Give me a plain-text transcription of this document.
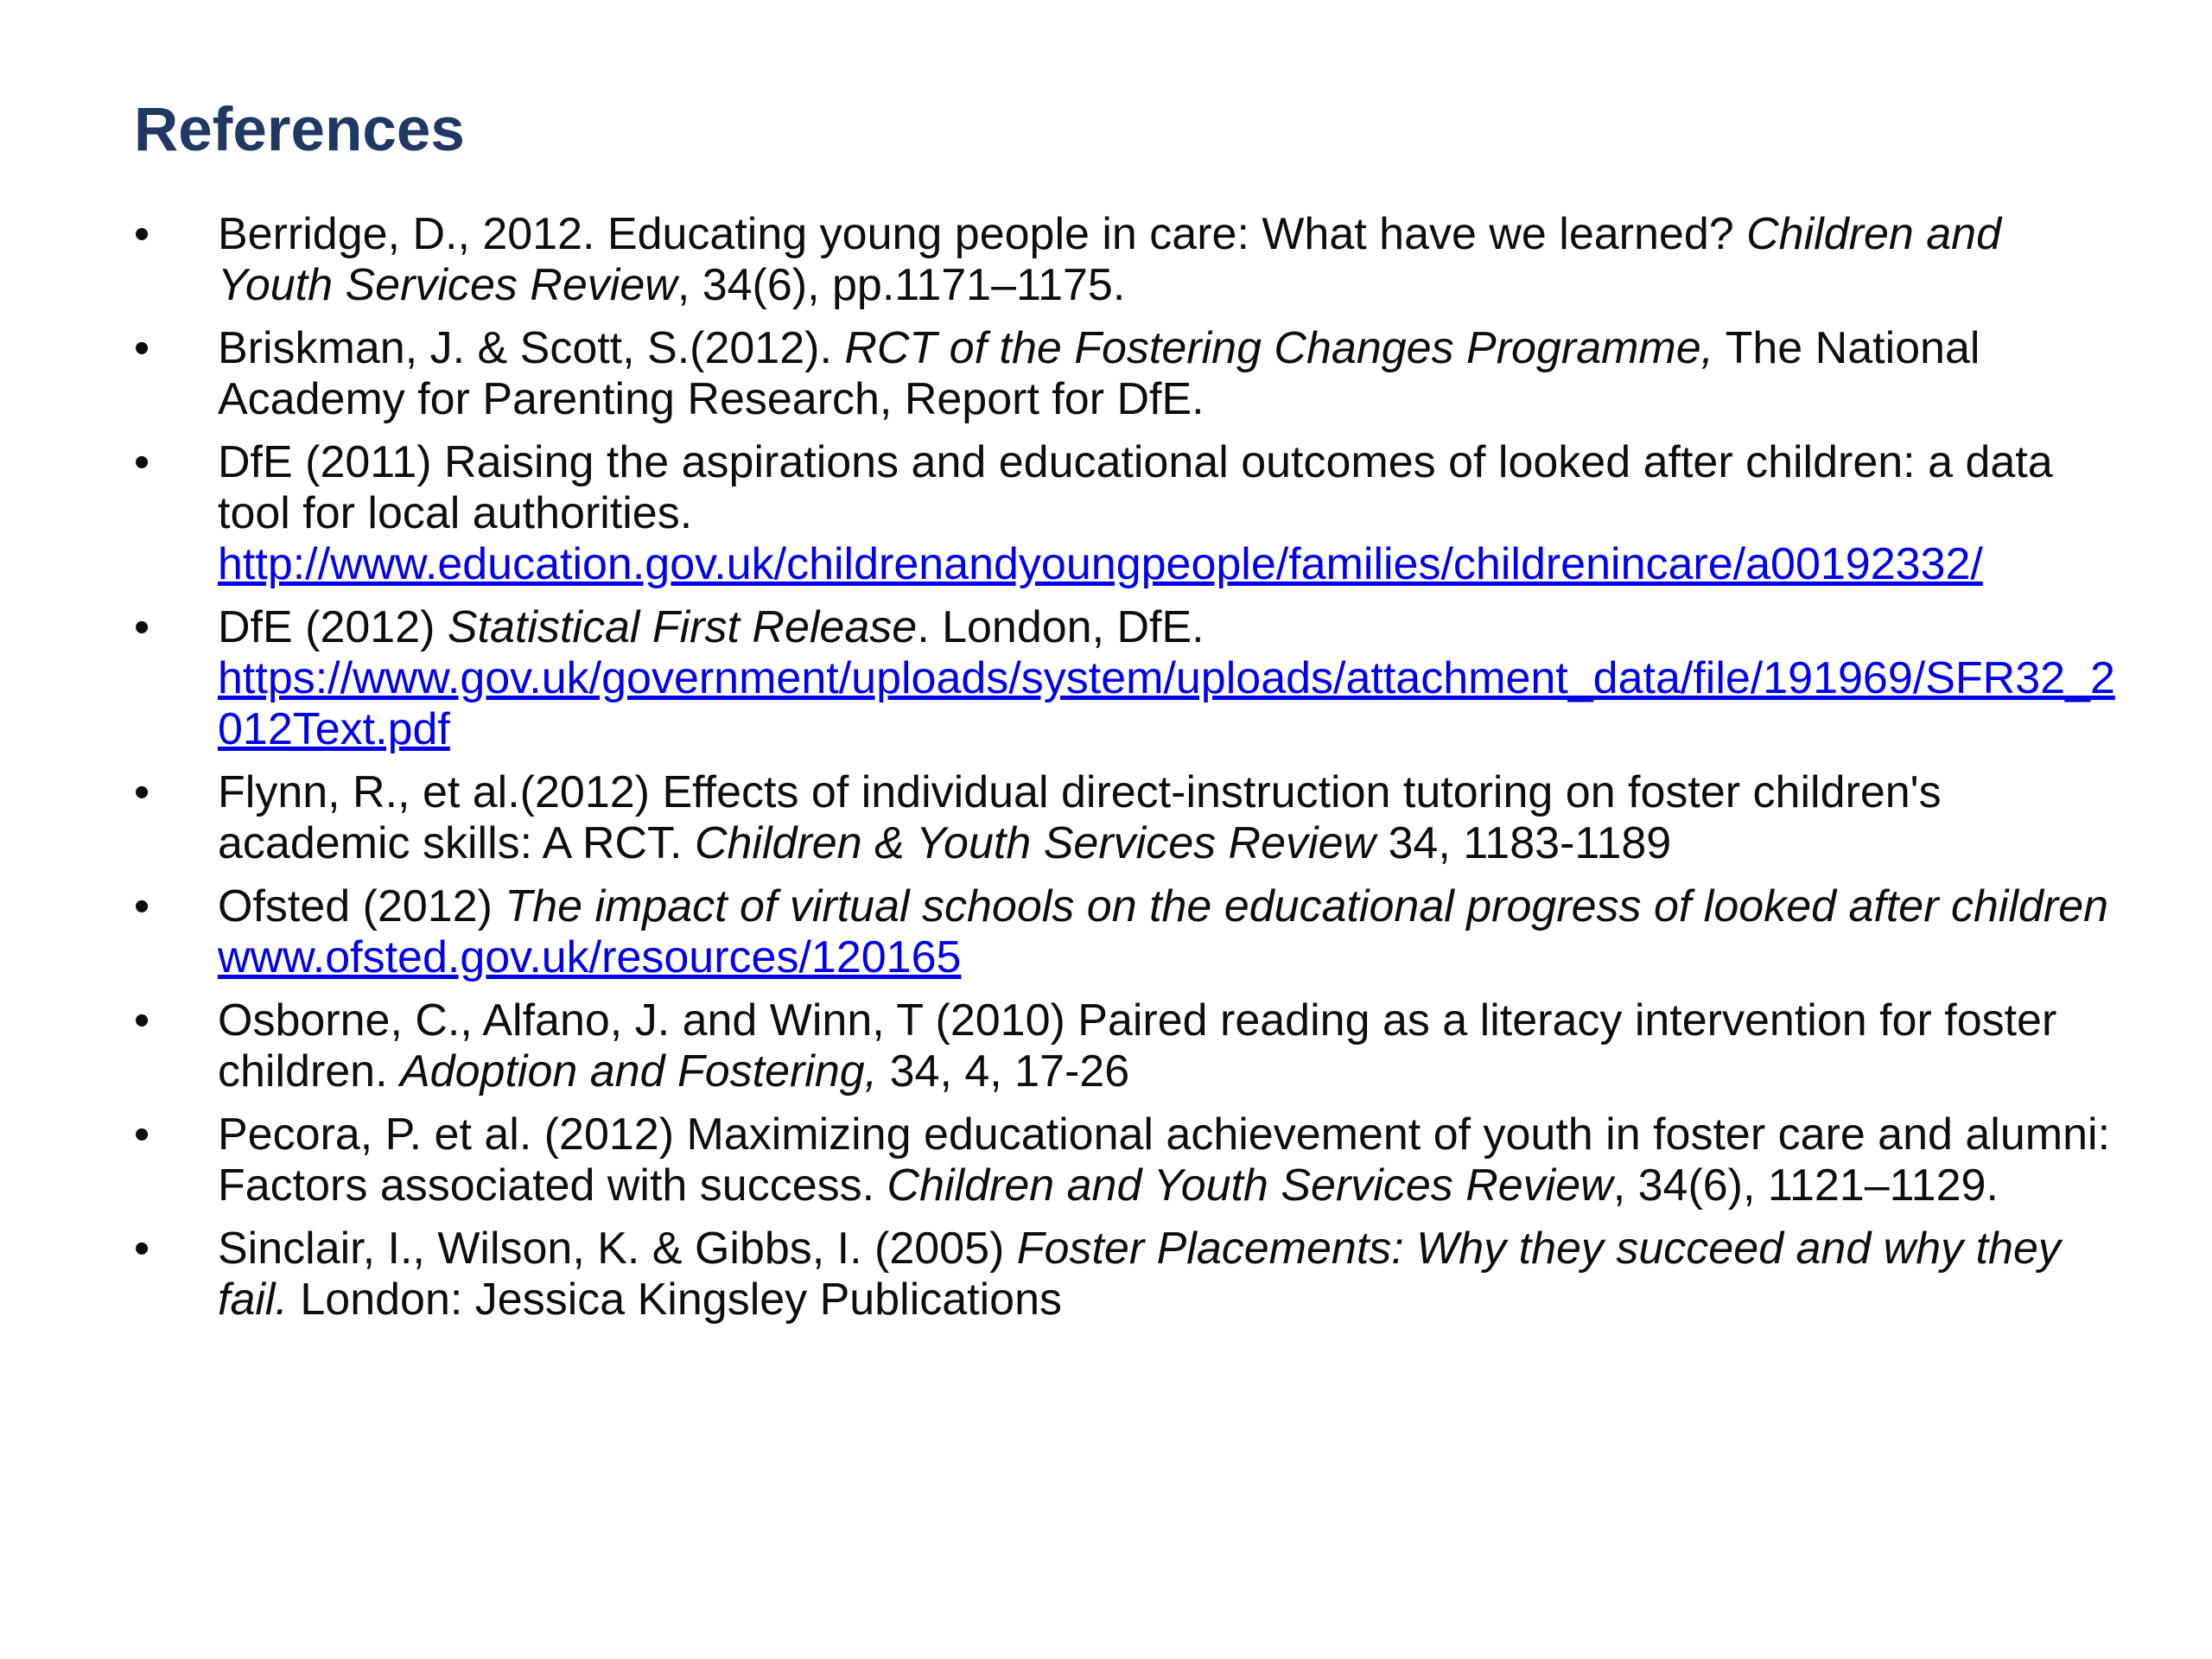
References
• Berridge, D., 2012. Educating young people in care: What have we learned? Children and Youth Services Review, 34(6), pp.1171–1175.
• Briskman, J. & Scott, S.(2012). RCT of the Fostering Changes Programme, The National Academy for Parenting Research, Report for DfE.
• DfE (2011) Raising the aspirations and educational outcomes of looked after children: a data tool for local authorities.
http://www.education.gov.uk/childrenandyoungpeople/families/childrenincare/a00192332/
• DfE (2012) Statistical First Release. London, DfE.
https://www.gov.uk/government/uploads/system/uploads/attachment_data/file/191969/SFR32_2012Text.pdf
• Flynn, R., et al.(2012) Effects of individual direct-instruction tutoring on foster children's academic skills: A RCT. Children & Youth Services Review 34, 1183-1189
• Ofsted (2012) The impact of virtual schools on the educational progress of looked after children www.ofsted.gov.uk/resources/120165
• Osborne, C., Alfano, J. and Winn, T (2010) Paired reading as a literacy intervention for foster children. Adoption and Fostering, 34, 4, 17-26
• Pecora, P. et al. (2012) Maximizing educational achievement of youth in foster care and alumni: Factors associated with success. Children and Youth Services Review, 34(6), 1121–1129.
• Sinclair, I., Wilson, K. & Gibbs, I. (2005) Foster Placements: Why they succeed and why they fail. London: Jessica Kingsley Publications
